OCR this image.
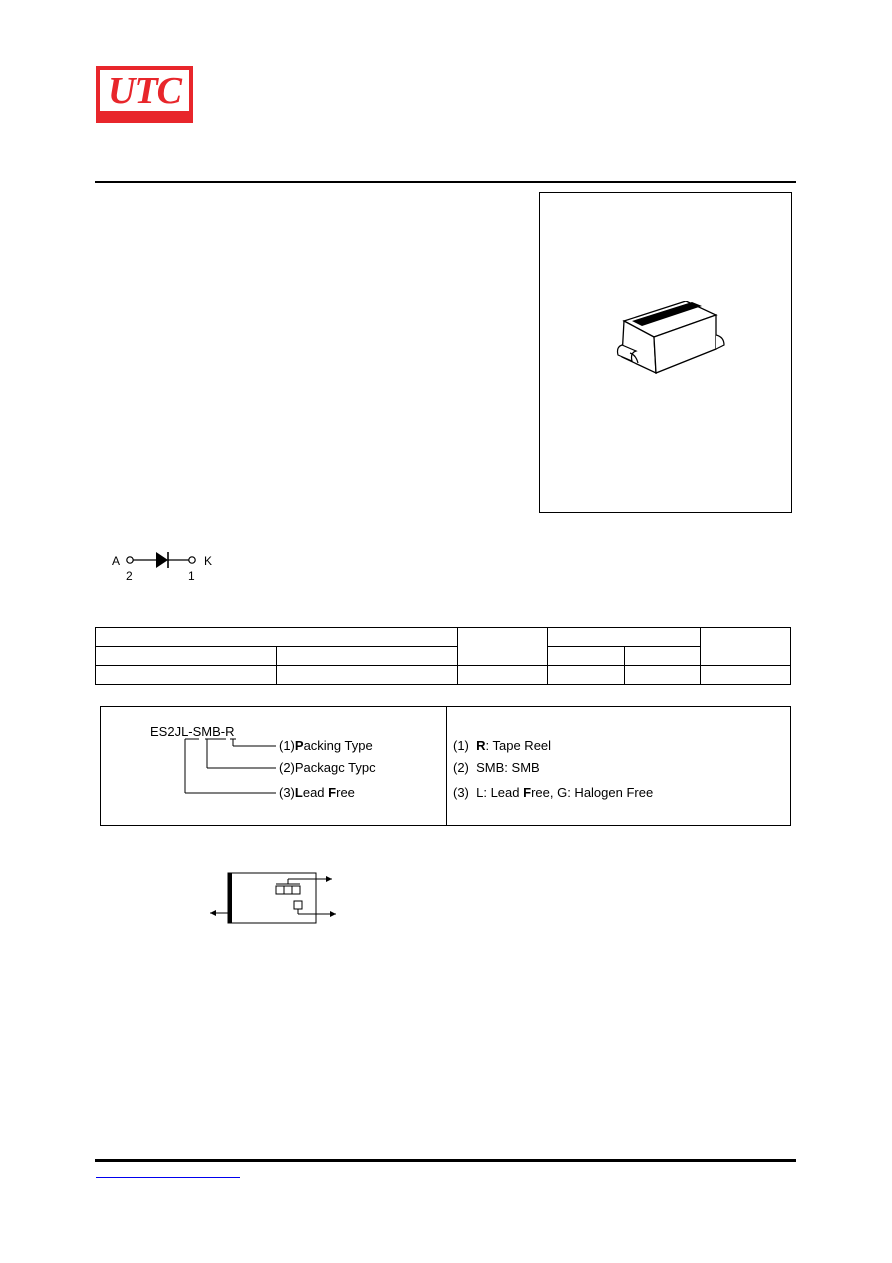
UTC
A	K
2	1

ES2JL-SMB-R
(1)Packing Type
(2)Packagc Typc
(3)Lead Free
(1) R: Tape Reel
(2) SMB: SMB
(3) L: Lead Free, G: Halogen Free
